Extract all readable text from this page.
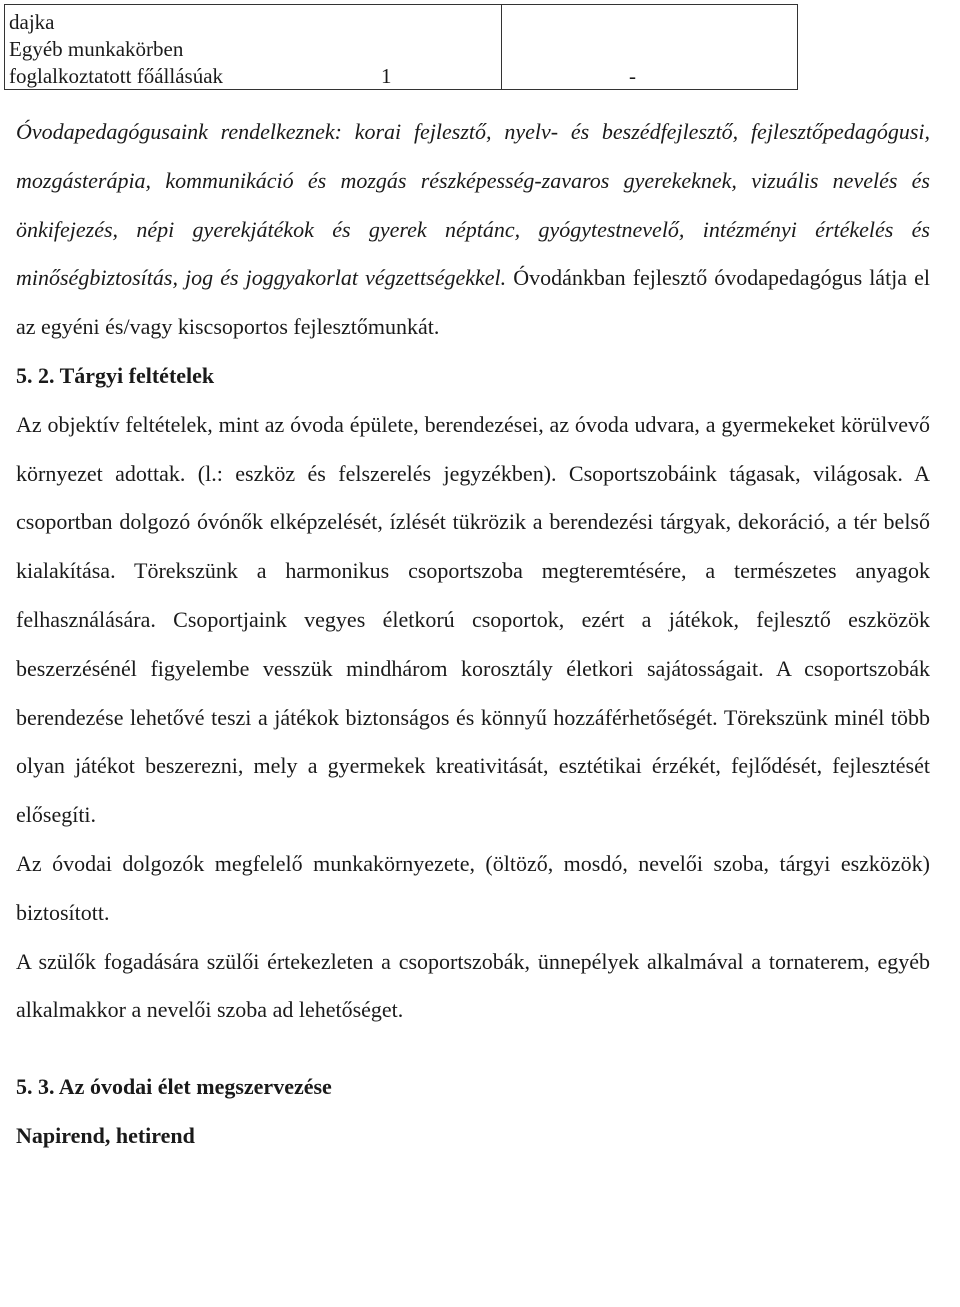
dajka
Egyéb munkakörben
foglalkoztatott főállásúak	1	-

Óvodapedagógusaink rendelkeznek: korai fejlesztő, nyelv- és beszédfejlesztő, fejlesztőpedagógusi, mozgásterápia, kommunikáció és mozgás részképesség-zavaros gyerekeknek, vizuális nevelés és önkifejezés, népi gyerekjátékok és gyerek néptánc, gyógytestnevelő, intézményi értékelés és minőségbiztosítás, jog és joggyakorlat végzettségekkel. Óvodánkban fejlesztő óvodapedagógus látja el az egyéni és/vagy kiscsoportos fejlesztőmunkát.

5. 2. Tárgyi feltételek

Az objektív feltételek, mint az óvoda épülete, berendezései, az óvoda udvara, a gyermekeket körülvevő környezet adottak. (l.: eszköz és felszerelés jegyzékben). Csoportszobáink tágasak, világosak. A csoportban dolgozó óvónők elképzelését, ízlését tükrözik a berendezési tárgyak, dekoráció, a tér belső kialakítása. Törekszünk a harmonikus csoportszoba megteremtésére, a természetes anyagok felhasználására. Csoportjaink vegyes életkorú csoportok, ezért a játékok, fejlesztő eszközök beszerzésénél figyelembe vesszük mindhárom korosztály életkori sajátosságait. A csoportszobák berendezése lehetővé teszi a játékok biztonságos és könnyű hozzáférhetőségét. Törekszünk minél több olyan játékot beszerezni, mely a gyermekek kreativitását, esztétikai érzékét, fejlődését, fejlesztését elősegíti.

Az óvodai dolgozók megfelelő munkakörnyezete, (öltöző, mosdó, nevelői szoba, tárgyi eszközök) biztosított.

A szülők fogadására szülői értekezleten a csoportszobák, ünnepélyek alkalmával a tornaterem, egyéb alkalmakkor a nevelői szoba ad lehetőséget.

5. 3. Az óvodai élet megszervezése

Napirend, hetirend
